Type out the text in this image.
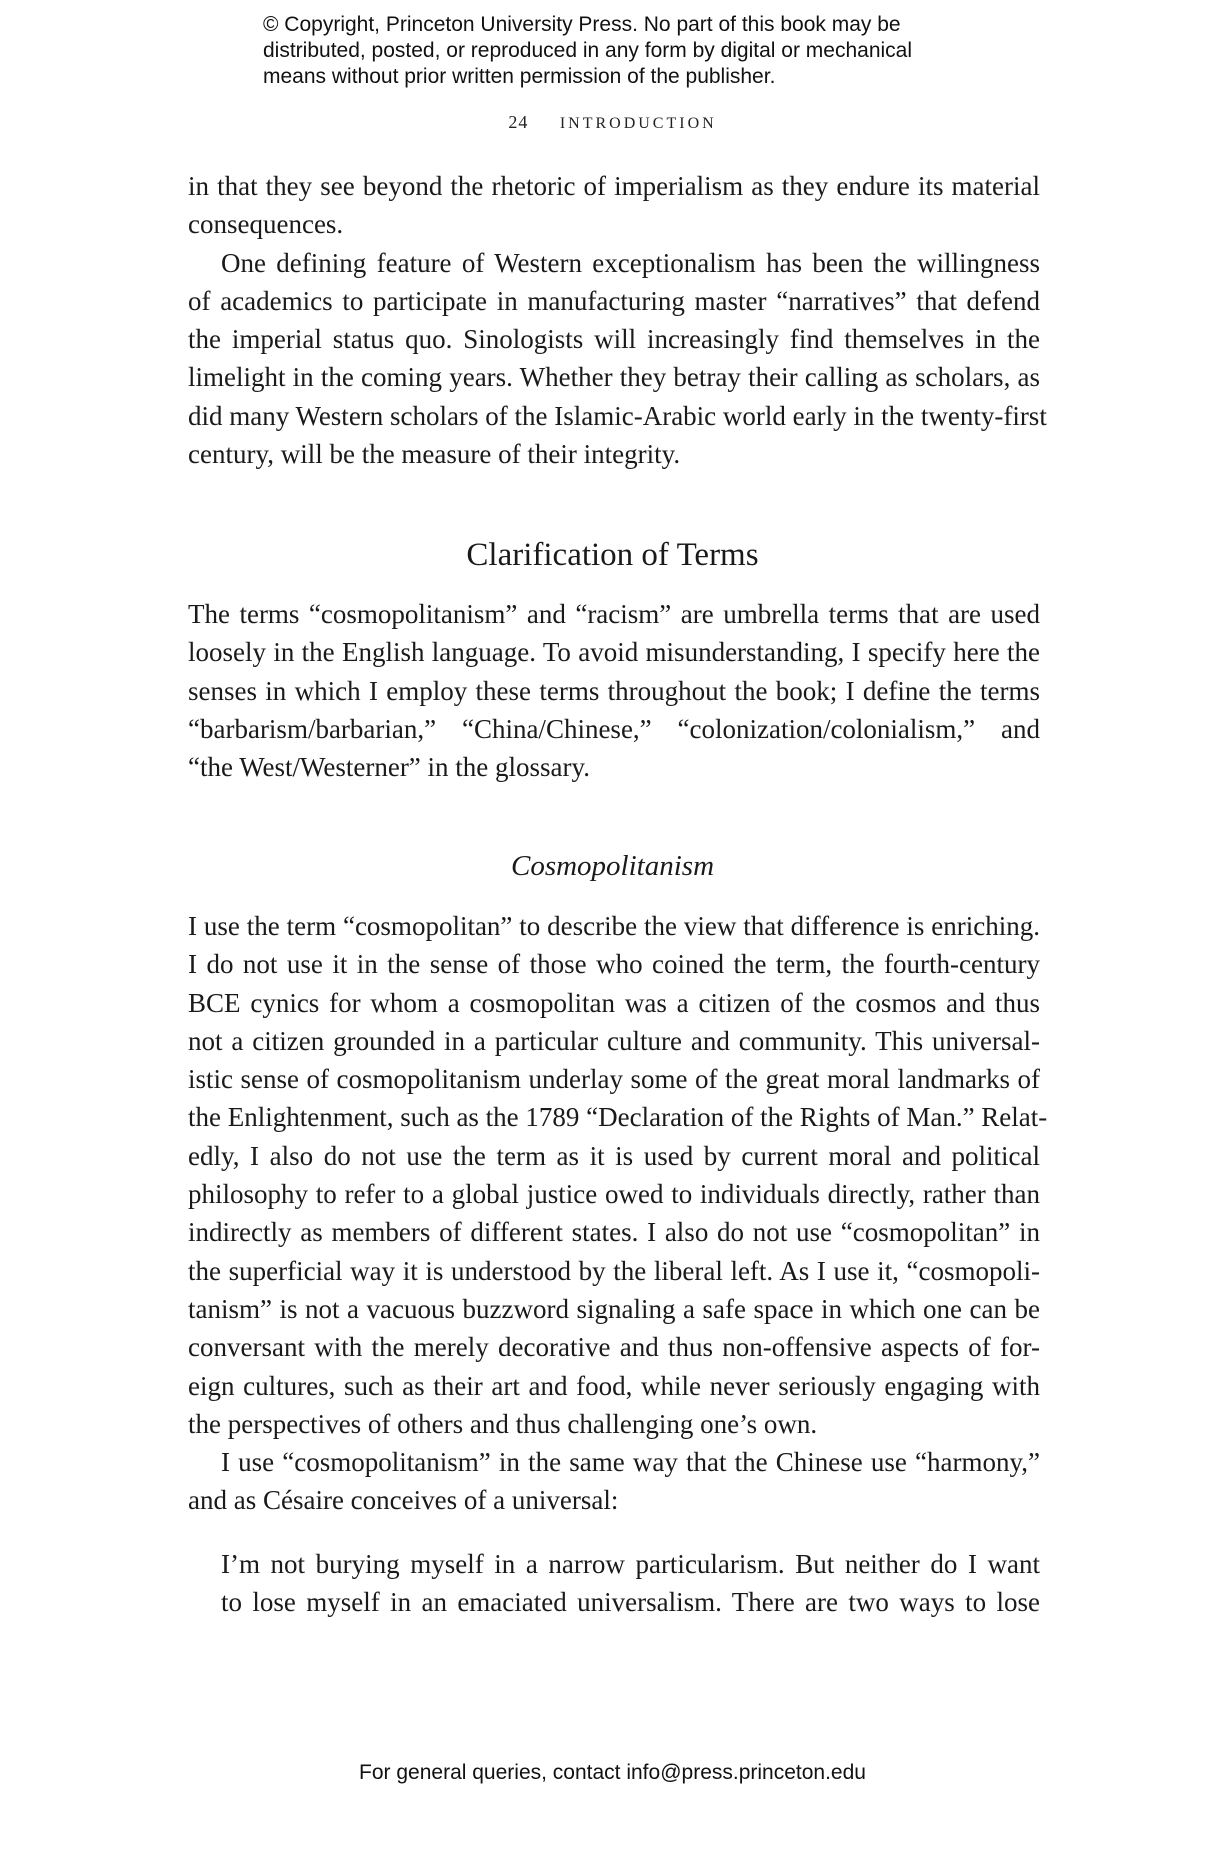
© Copyright, Princeton University Press. No part of this book may be
distributed, posted, or reproduced in any form by digital or mechanical
means without prior written permission of the publisher.
24 INTRODUCTION
in that they see beyond the rhetoric of imperialism as they endure its material
consequences.
One defining feature of Western exceptionalism has been the willingness
of academics to participate in manufacturing master “narratives” that defend
the imperial status quo. Sinologists will increasingly find themselves in the
limelight in the coming years. Whether they betray their calling as scholars, as
did many Western scholars of the Islamic-Arabic world early in the twenty-first
century, will be the measure of their integrity.
Clarification of Terms
The terms “cosmopolitanism” and “racism” are umbrella terms that are used
loosely in the English language. To avoid misunderstanding, I specify here the
senses in which I employ these terms throughout the book; I define the terms
“barbarism/barbarian,” “China/Chinese,” “colonization/colonialism,” and
“the West/Westerner” in the glossary.
Cosmopolitanism
I use the term “cosmopolitan” to describe the view that difference is enriching.
I do not use it in the sense of those who coined the term, the fourth-century
BCE cynics for whom a cosmopolitan was a citizen of the cosmos and thus
not a citizen grounded in a particular culture and community. This universal-
istic sense of cosmopolitanism underlay some of the great moral landmarks of
the Enlightenment, such as the 1789 “Declaration of the Rights of Man.” Relat-
edly, I also do not use the term as it is used by current moral and political
philosophy to refer to a global justice owed to individuals directly, rather than
indirectly as members of different states. I also do not use “cosmopolitan” in
the superficial way it is understood by the liberal left. As I use it, “cosmopoli-
tanism” is not a vacuous buzzword signaling a safe space in which one can be
conversant with the merely decorative and thus non-offensive aspects of for-
eign cultures, such as their art and food, while never seriously engaging with
the perspectives of others and thus challenging one’s own.
I use “cosmopolitanism” in the same way that the Chinese use “harmony,”
and as Césaire conceives of a universal:
I’m not burying myself in a narrow particularism. But neither do I want
to lose myself in an emaciated universalism. There are two ways to lose
For general queries, contact info@press.princeton.edu
